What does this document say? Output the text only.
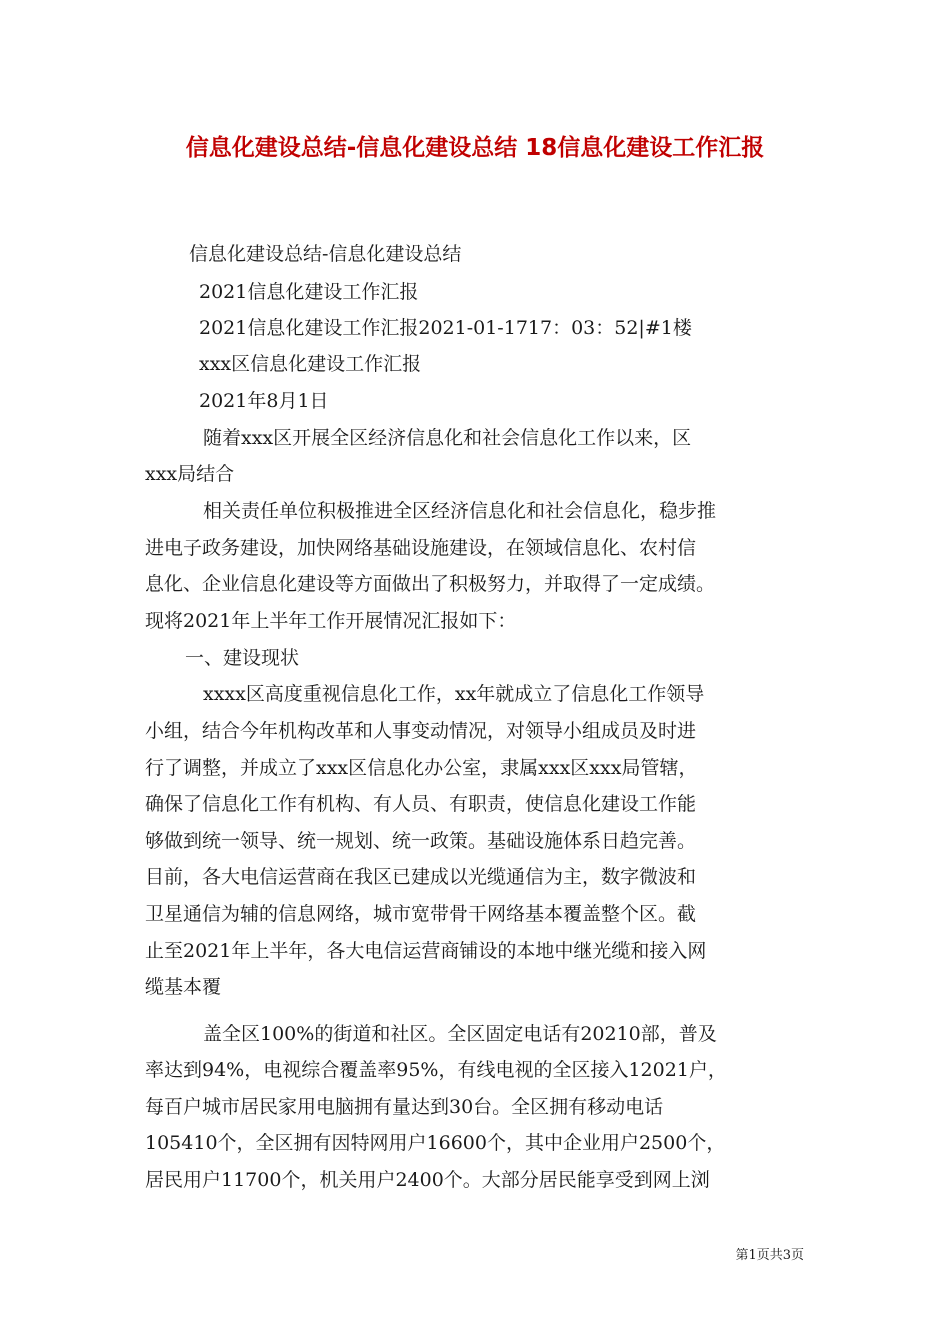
信息化建设总结-信息化建设总结 18信息化建设工作汇报
信息化建设总结-信息化建设总结
2021信息化建设工作汇报
2021信息化建设工作汇报2021-01-1717：03：52|#1楼
xxx区信息化建设工作汇报
2021年8月1日
随着xxx区开展全区经济信息化和社会信息化工作以来，区
xxx局结合
相关责任单位积极推进全区经济信息化和社会信息化，稳步推
进电子政务建设，加快网络基础设施建设，在领域信息化、农村信
息化、企业信息化建设等方面做出了积极努力，并取得了一定成绩。
现将2021年上半年工作开展情况汇报如下：
一、建设现状
xxxx区高度重视信息化工作，xx年就成立了信息化工作领导
小组，结合今年机构改革和人事变动情况，对领导小组成员及时进
行了调整，并成立了xxx区信息化办公室，隶属xxx区xxx局管辖，
确保了信息化工作有机构、有人员、有职责，使信息化建设工作能
够做到统一领导、统一规划、统一政策。基础设施体系日趋完善。
目前，各大电信运营商在我区已建成以光缆通信为主，数字微波和
卫星通信为辅的信息网络，城市宽带骨干网络基本覆盖整个区。截
止至2021年上半年，各大电信运营商铺设的本地中继光缆和接入网
缆基本覆
盖全区100%的街道和社区。全区固定电话有20210部，普及
率达到94%，电视综合覆盖率95%，有线电视的全区接入12021户，
每百户城市居民家用电脑拥有量达到30台。全区拥有移动电话
105410个，全区拥有因特网用户16600个，其中企业用户2500个，
居民用户11700个，机关用户2400个。大部分居民能享受到网上浏
第1页共3页
